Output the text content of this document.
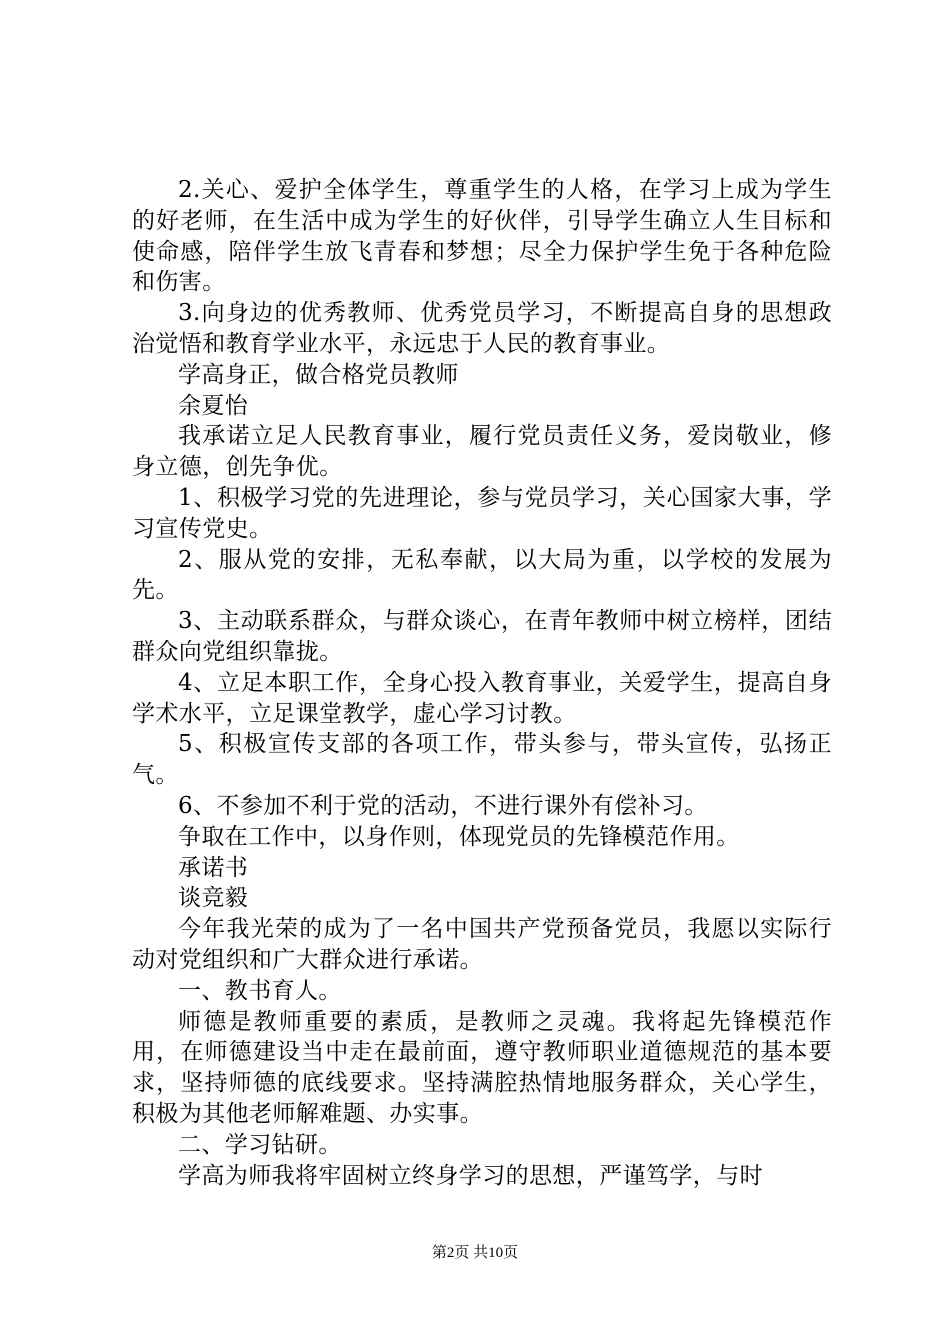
2.关心、爱护全体学生，尊重学生的人格，在学习上成为学生的好老师，在生活中成为学生的好伙伴，引导学生确立人生目标和使命感，陪伴学生放飞青春和梦想；尽全力保护学生免于各种危险和伤害。

3.向身边的优秀教师、优秀党员学习，不断提高自身的思想政治觉悟和教育学业水平，永远忠于人民的教育事业。

学高身正，做合格党员教师

余夏怡

我承诺立足人民教育事业，履行党员责任义务，爱岗敬业，修身立德，创先争优。

1、积极学习党的先进理论，参与党员学习，关心国家大事，学习宣传党史。

2、服从党的安排，无私奉献，以大局为重，以学校的发展为先。

3、主动联系群众，与群众谈心，在青年教师中树立榜样，团结群众向党组织靠拢。

4、立足本职工作，全身心投入教育事业，关爱学生，提高自身学术水平，立足课堂教学，虚心学习讨教。

5、积极宣传支部的各项工作，带头参与，带头宣传，弘扬正气。

6、不参加不利于党的活动，不进行课外有偿补习。

争取在工作中，以身作则，体现党员的先锋模范作用。

承诺书

谈竞毅

今年我光荣的成为了一名中国共产党预备党员，我愿以实际行动对党组织和广大群众进行承诺。

一、教书育人。

师德是教师重要的素质，是教师之灵魂。我将起先锋模范作用，在师德建设当中走在最前面，遵守教师职业道德规范的基本要求，坚持师德的底线要求。坚持满腔热情地服务群众，关心学生，积极为其他老师解难题、办实事。

二、学习钻研。

学高为师我将牢固树立终身学习的思想，严谨笃学，与时

第2页 共10页
